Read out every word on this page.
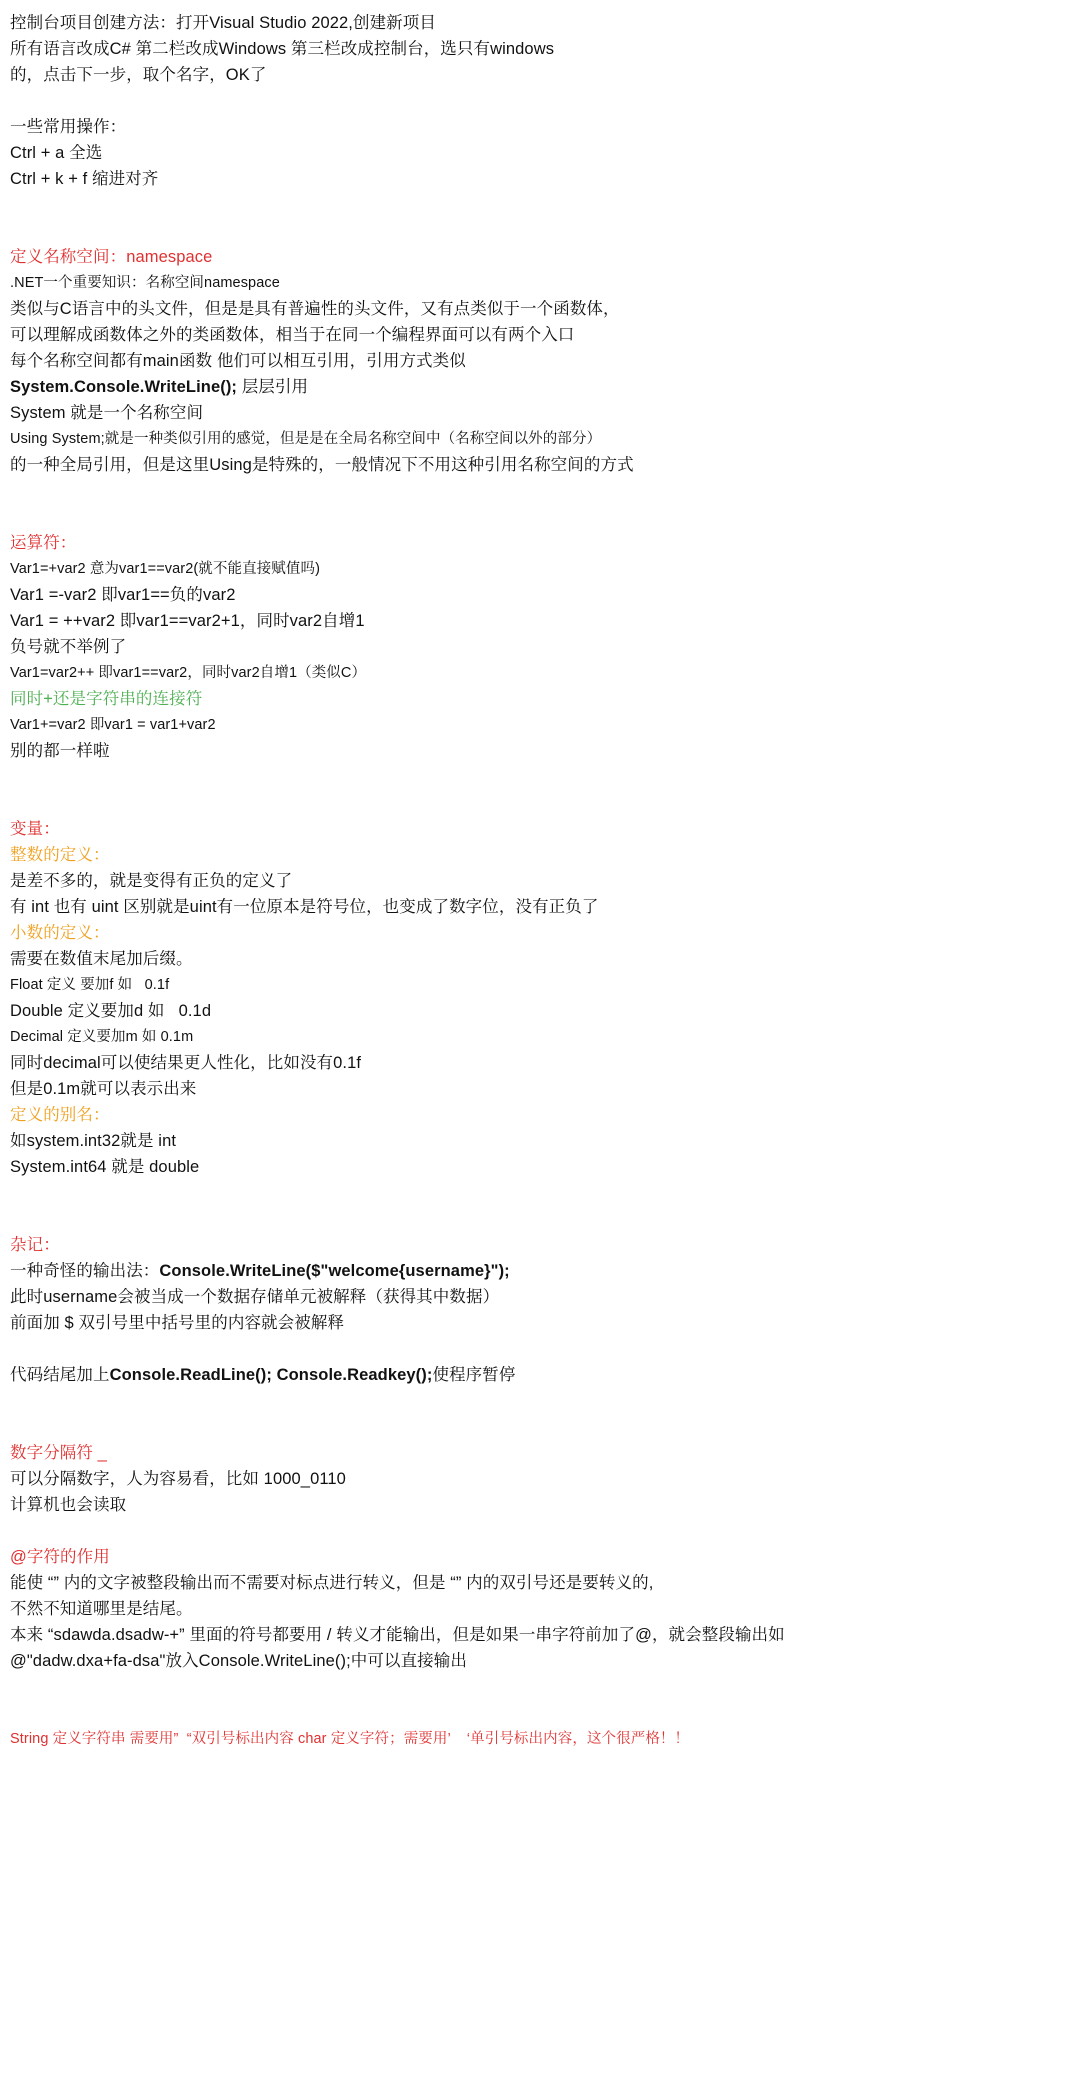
控制台项目创建方法：打开Visual Studio 2022,创建新项目
所有语言改成C# 第二栏改成Windows 第三栏改成控制台，选只有windows
的，点击下一步，取个名字，OK了
一些常用操作：
Ctrl + a 全选
Ctrl + k + f 缩进对齐
定义名称空间：namespace
.NET一个重要知识：名称空间namespace
类似与C语言中的头文件，但是是具有普遍性的头文件，又有点类似于一个函数体，
可以理解成函数体之外的类函数体，相当于在同一个编程界面可以有两个入口
每个名称空间都有main函数 他们可以相互引用，引用方式类似
System.Console.WriteLine(); 层层引用
System 就是一个名称空间
Using System;就是一种类似引用的感觉，但是是在全局名称空间中（名称空间以外的部分）
的一种全局引用，但是这里Using是特殊的，一般情况下不用这种引用名称空间的方式
运算符：
Var1=+var2 意为var1==var2(就不能直接赋值吗)
Var1 =-var2 即var1==负的var2
Var1 = ++var2 即var1==var2+1，同时var2自增1
负号就不举例了
Var1=var2++ 即var1==var2，同时var2自增1（类似C）
同时+还是字符串的连接符
Var1+=var2 即var1 = var1+var2
别的都一样啦
变量：
整数的定义：
是差不多的，就是变得有正负的定义了
有 int 也有 uint 区别就是uint有一位原本是符号位，也变成了数字位，没有正负了
小数的定义：
需要在数值末尾加后缀。
Float 定义 要加f 如   0.1f
Double 定义要加d 如   0.1d
Decimal 定义要加m 如 0.1m
同时decimal可以使结果更人性化，比如没有0.1f
但是0.1m就可以表示出来
定义的别名：
如system.int32就是 int
System.int64 就是 double
杂记：
一种奇怪的输出法：Console.WriteLine($"welcome{username}");
此时username会被当成一个数据存储单元被解释（获得其中数据）
前面加 $ 双引号里中括号里的内容就会被解释
代码结尾加上Console.ReadLine(); Console.Readkey();使程序暂停
数字分隔符 _
可以分隔数字，人为容易看，比如 1000_0110
计算机也会读取
@字符的作用
能使 “” 内的文字被整段输出而不需要对标点进行转义，但是 “” 内的双引号还是要转义的,
不然不知道哪里是结尾。
本来 “sdawda.dsadw-+” 里面的符号都要用 / 转义才能输出，但是如果一串字符前加了@，就会整段输出如
@"dadw.dxa+fa-dsa"放入Console.WriteLine();中可以直接输出
String 定义字符串 需要用”  “双引号标出内容 char 定义字符；需要用’    ‘单引号标出内容，这个很严格！！
